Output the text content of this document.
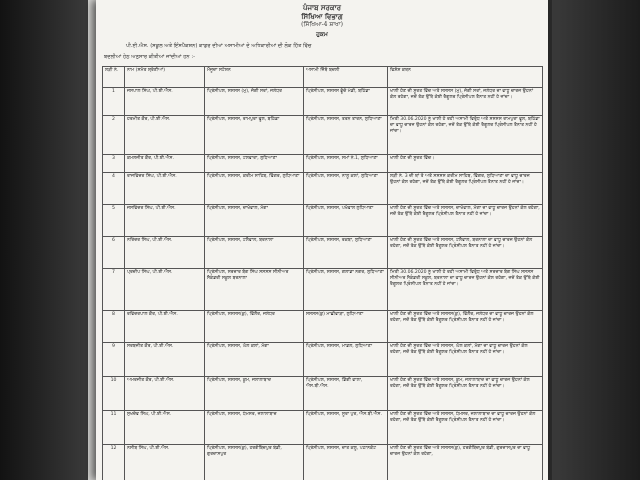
ਪੰਜਾਬ ਸਰਕਾਰ
ਸਿੱਖਿਆ ਵਿਭਾਗ
(ਸਿੱਖਿਆ-4 ਸ਼ਾਖਾ)
ਹੁਕਮ
ਪੀ.ਈ.ਐਸ. (ਸਕੂਲ ਅਤੇ ਇੰਸਪੈਕਸ਼ਨ) ਕਾਡਰ ਦੀਆਂ ਅਸਾਮੀਆਂ ਦੇ ਅਧਿਕਾਰੀਆਂ ਦੀ ਲੋਕ ਹਿੱਤ ਵਿੱਚ
ਬਦਲੀਆਂ ਹੇਠ ਅਨੁਸਾਰ ਕੀਤੀਆਂ ਜਾਂਦੀਆਂ ਹਨ :-
ਲੜੀ ਨੰ.	ਨਾਮ (ਸਮੇਤ ਸ਼੍ਰੇਣੀਆਂ)	ਮੌਜੂਦਾ ਸਟੇਸ਼ਨ	ਅਸਾਮੀ ਜਿੱਥੇ ਬਦਲੀ	ਵਿਸ਼ੇਸ਼ ਕਥਨ
1	ਜਸਪਾਲ ਸਿੰਘ, ਪੀ.ਈ.ਐਸ.	ਪ੍ਰਿੰਸੀਪਲ, ਸਸਸਸ (ਮੁ), ਜੋਗੀ ਸਰਾਂ, ਜਲੰਧਰ	ਪ੍ਰਿੰਸੀਪਲ, ਸਸਸਸ ਭੂੱਚੋ ਮੰਡੀ, ਬਠਿੰਡਾ	ਖਾਲੀ ਹੋਣ ਦੀ ਸੂਰਤ ਵਿੱਚ ਅਤੇ ਸਸਸਸ (ਮੁ), ਜੋਗੀ ਸਰਾਂ, ਜਲੰਧਰ ਦਾ ਵਾਧੂ ਚਾਰਜ ਉਹਨਾਂ ਕੋਲ ਰਹੇਗਾ, ਜਦੋਂ ਤੱਕ ਉੱਥੇ ਕੋਈ ਰੈਗੂਲਰ ਪ੍ਰਿੰਸੀਪਲ ਤੈਨਾਤ ਨਹੀਂ ਹੋ ਜਾਂਦਾ।
2	ਹਰਮੀਤ ਕੌਰ, ਪੀ.ਈ.ਐਸ.	ਪ੍ਰਿੰਸੀਪਲ, ਸਸਸਸ, ਰਾਮਪੁਰਾ ਫੂਲ, ਬਠਿੰਡਾ	ਪ੍ਰਿੰਸੀਪਲ, ਸਸਸਸ, ਤਰਨ ਤਾਰਨ, ਲੁਧਿਆਣਾ	ਮਿਤੀ 30.06.2020 ਨੂੰ ਖਾਲੀ ਹੋ ਰਹੀ ਅਸਾਮੀ ਵਿਰੁੱਧ ਅਤੇ ਸਸਸਸ ਰਾਮਪੁਰਾ ਫੂਲ, ਬਠਿੰਡਾ ਦਾ ਵਾਧੂ ਚਾਰਜ ਉਹਨਾਂ ਕੋਲ ਰਹੇਗਾ, ਜਦੋਂ ਤੱਕ ਉੱਥੇ ਕੋਈ ਰੈਗੂਲਰ ਪ੍ਰਿੰਸੀਪਲ ਤੈਨਾਤ ਨਹੀਂ ਹੋ ਜਾਂਦਾ।
3	ਕਮਲਜੀਤ ਕੌਰ, ਪੀ.ਈ.ਐਸ.	ਪ੍ਰਿੰਸੀਪਲ, ਸਸਸਸ, ਟਲਵਾਰਾ, ਲੁਧਿਆਣਾ	ਪ੍ਰਿੰਸੀਪਲ, ਸਸਸਸ, ਸਮਾਂ ਨੰ.1, ਲੁਧਿਆਣਾ	ਖਾਲੀ ਹੋਣ ਦੀ ਸੂਰਤ ਵਿੱਚ।
4	ਰਾਜਵਿੰਦਰ ਸਿੰਘ, ਪੀ.ਈ.ਐਸ.	ਪ੍ਰਿੰਸੀਪਲ, ਸਸਸਸ, ਕਰੀਮ ਸਾਹਿਬ, ਫਿੱਗਰ, ਲੁਧਿਆਣਾ	ਪ੍ਰਿੰਸੀਪਲ, ਸਸਸਸ, ਨਾਲੂ ਕਲਾਂ, ਲੁਧਿਆਣਾ	ਲੜੀ ਨੰ. 3 ਦੀ ਥਾਂ ਤੇ ਅਤੇ ਸਸਸਸ ਕਰੀਮ ਸਾਹਿਬ, ਫਿੱਗਰ, ਲੁਧਿਆਣਾ ਦਾ ਵਾਧੂ ਚਾਰਜ ਉਹਨਾਂ ਕੋਲ ਰਹੇਗਾ, ਜਦੋਂ ਤੱਕ ਉੱਥੇ ਕੋਈ ਰੈਗੂਲਰ ਪ੍ਰਿੰਸੀਪਲ ਤੈਨਾਤ ਨਹੀਂ ਹੋ ਜਾਂਦਾ।
5	ਜਸਵਿੰਦਰ ਸਿੰਘ, ਪੀ.ਈ.ਐਸ.	ਪ੍ਰਿੰਸੀਪਲ, ਸਸਸਸ, ਦਾਖੋਵਾਲ, ਮੋਗਾ	ਪ੍ਰਿੰਸੀਪਲ, ਸਸਸਸ, ਪਖੋਵਾਲ ਲੁਧਿਆਣਾ	ਖਾਲੀ ਹੋਣ ਦੀ ਸੂਰਤ ਵਿੱਚ ਅਤੇ ਸਸਸਸ, ਦਾਖੋਵਾਲ, ਮੋਗਾ ਦਾ ਵਾਧੂ ਚਾਰਜ ਉਹਨਾਂ ਕੋਲ ਰਹੇਗਾ, ਜਦੋਂ ਤੱਕ ਉੱਥੇ ਕੋਈ ਰੈਗੂਲਰ ਪ੍ਰਿੰਸੀਪਲ ਤੈਨਾਤ ਨਹੀਂ ਹੋ ਜਾਂਦਾ।
6	ਨਰਿੰਦਰ ਸਿੰਘ, ਪੀ.ਈ.ਐਸ.	ਪ੍ਰਿੰਸੀਪਲ, ਸਸਸਸ, ਟਲੈਵਾਲ, ਬਰਨਾਲਾ	ਪ੍ਰਿੰਸੀਪਲ, ਸਸਸਸ, ਰਕਬਾ, ਲੁਧਿਆਣਾ	ਖਾਲੀ ਹੋਣ ਦੀ ਸੂਰਤ ਵਿੱਚ ਅਤੇ ਸਸਸਸ, ਟਲੈਵਾਲ, ਬਰਨਾਲਾ ਦਾ ਵਾਧੂ ਚਾਰਜ ਉਹਨਾਂ ਕੋਲ ਰਹੇਗਾ, ਜਦੋਂ ਤੱਕ ਉੱਥੇ ਕੋਈ ਰੈਗੂਲਰ ਪ੍ਰਿੰਸੀਪਲ ਤੈਨਾਤ ਨਹੀਂ ਹੋ ਜਾਂਦਾ।
7	ਪ੍ਰਦੀਪ ਸਿੰਘ, ਪੀ.ਈ.ਐਸ.	ਪ੍ਰਿੰਸੀਪਲ, ਸਰਦਾਰ ਬੇਗ ਸਿੰਘ ਸਸਸਸ ਸੀਨੀਅਰ ਸੈਕੰਡਰੀ ਸਕੂਲ ਬਰਨਾਲਾ	ਪ੍ਰਿੰਸੀਪਲ, ਸਸਸਸ, ਗਲਾਡਾ ਨਗਰ, ਲੁਧਿਆਣਾ	ਮਿਤੀ 30.06.2020 ਨੂੰ ਖਾਲੀ ਹੋ ਰਹੀ ਅਸਾਮੀ ਵਿਰੁੱਧ ਅਤੇ ਸਰਦਾਰ ਬੇਗ ਸਿੰਘ ਸਸਸਸ ਸੀਨੀਅਰ ਸੈਕੰਡਰੀ ਸਕੂਲ, ਬਰਨਾਲਾ ਦਾ ਵਾਧੂ ਚਾਰਜ ਉਹਨਾਂ ਕੋਲ ਰਹੇਗਾ, ਜਦੋਂ ਤੱਕ ਉੱਥੇ ਕੋਈ ਰੈਗੂਲਰ ਪ੍ਰਿੰਸੀਪਲ ਤੈਨਾਤ ਨਹੀਂ ਹੋ ਜਾਂਦਾ।
8	ਰਵਿੰਦਰਪਾਲ ਕੌਰ, ਪੀ.ਈ.ਐਸ.	ਪ੍ਰਿੰਸੀਪਲ, ਸਸਸਸ(ਕੁ), ਫਿੱਲੌਰ, ਜਲੰਧਰ	ਸਸਸਸ(ਕੁ) ਮਾਛੀਵਾੜਾ, ਲੁਧਿਆਣਾ	ਖਾਲੀ ਹੋਣ ਦੀ ਸੂਰਤ ਵਿੱਚ ਅਤੇ ਸਸਸਸ(ਕੁ), ਫਿੱਲੌਰ, ਜਲੰਧਰ ਦਾ ਵਾਧੂ ਚਾਰਜ ਉਹਨਾਂ ਕੋਲ ਰਹੇਗਾ, ਜਦੋਂ ਤੱਕ ਉੱਥੇ ਕੋਈ ਰੈਗੂਲਰ ਪ੍ਰਿੰਸੀਪਲ ਤੈਨਾਤ ਨਹੀਂ ਹੋ ਜਾਂਦਾ।
9	ਸਰਬਜੀਤ ਕੌਰ, ਪੀ.ਈ.ਐਸ.	ਪ੍ਰਿੰਸੀਪਲ, ਸਸਸਸ, ਘੱਲ ਕਲਾਂ, ਮੋਗਾ	ਪ੍ਰਿੰਸੀਪਲ, ਸਸਸਸ, ਮਾਡਲ, ਲੁਧਿਆਣਾ	ਖਾਲੀ ਹੋਣ ਦੀ ਸੂਰਤ ਵਿੱਚ ਅਤੇ ਸਸਸਸ, ਘੱਲ ਕਲਾਂ, ਮੋਗਾ ਦਾ ਵਾਧੂ ਚਾਰਜ ਉਹਨਾਂ ਕੋਲ ਰਹੇਗਾ, ਜਦੋਂ ਤੱਕ ਉੱਥੇ ਕੋਈ ਰੈਗੂਲਰ ਪ੍ਰਿੰਸੀਪਲ ਤੈਨਾਤ ਨਹੀਂ ਹੋ ਜਾਂਦਾ।
10	ਅਮਰਜੀਤ ਕੌਰ, ਪੀ.ਈ.ਐਸ.	ਪ੍ਰਿੰਸੀਪਲ, ਸਸਸਸ, ਕੂਮ, ਜਲਾਲਾਬਾਦ	ਪ੍ਰਿੰਸੀਪਲ, ਸਸਸਸ, ਡਿੱਗੀ ਵਾਲਾ, ਐਸ.ਬੀ.ਐਸ.	ਖਾਲੀ ਹੋਣ ਦੀ ਸੂਰਤ ਵਿੱਚ ਅਤੇ ਸਸਸਸ, ਕੂਮ, ਜਲਾਲਾਬਾਦ ਦਾ ਵਾਧੂ ਚਾਰਜ ਉਹਨਾਂ ਕੋਲ ਰਹੇਗਾ, ਜਦੋਂ ਤੱਕ ਉੱਥੇ ਕੋਈ ਰੈਗੂਲਰ ਪ੍ਰਿੰਸੀਪਲ ਤੈਨਾਤ ਨਹੀਂ ਹੋ ਜਾਂਦਾ।
11	ਸੁਖਦੇਵ ਸਿੰਘ, ਪੀ.ਈ.ਐਸ.	ਪ੍ਰਿੰਸੀਪਲ, ਸਸਸਸ, ਧੰਮਸਰ, ਜਲਾਲਾਬਾਦ	ਪ੍ਰਿੰਸੀਪਲ, ਸਸਸਸ, ਸੂਰਾ ਪੁਰ, ਐਸ.ਬੀ.ਐਸ.	ਖਾਲੀ ਹੋਣ ਦੀ ਸੂਰਤ ਵਿੱਚ ਅਤੇ ਸਸਸਸ, ਧੰਮਸਰ, ਜਲਾਲਾਬਾਦ ਦਾ ਵਾਧੂ ਚਾਰਜ ਉਹਨਾਂ ਕੋਲ ਰਹੇਗਾ, ਜਦੋਂ ਤੱਕ ਉੱਥੇ ਕੋਈ ਰੈਗੂਲਰ ਪ੍ਰਿੰਸੀਪਲ ਤੈਨਾਤ ਨਹੀਂ ਹੋ ਜਾਂਦਾ।
12	ਨਸੀਬ ਸਿੰਘ, ਪੀ.ਈ.ਐਸ.	ਪ੍ਰਿੰਸੀਪਲ, ਸਸਸਸ(ਕੁ), ਹਰਗੋਬਿੰਦਪੁਰ ਬੰਡੀ, ਗੁਰਦਾਸਪੁਰ	ਪ੍ਰਿੰਸੀਪਲ, ਸਸਸਸ, ਦਾਤ ਕਲੂ, ਪਠਾਨਕੋਟ	ਖਾਲੀ ਹੋਣ ਦੀ ਸੂਰਤ ਵਿੱਚ ਅਤੇ ਸਸਸਸ(ਕੁ), ਹਰਗੋਬਿੰਦਪੁਰ ਬੰਡੀ, ਗੁਰਦਾਸਪੁਰ ਦਾ ਵਾਧੂ ਚਾਰਜ ਉਹਨਾਂ ਕੋਲ ਰਹੇਗਾ,
